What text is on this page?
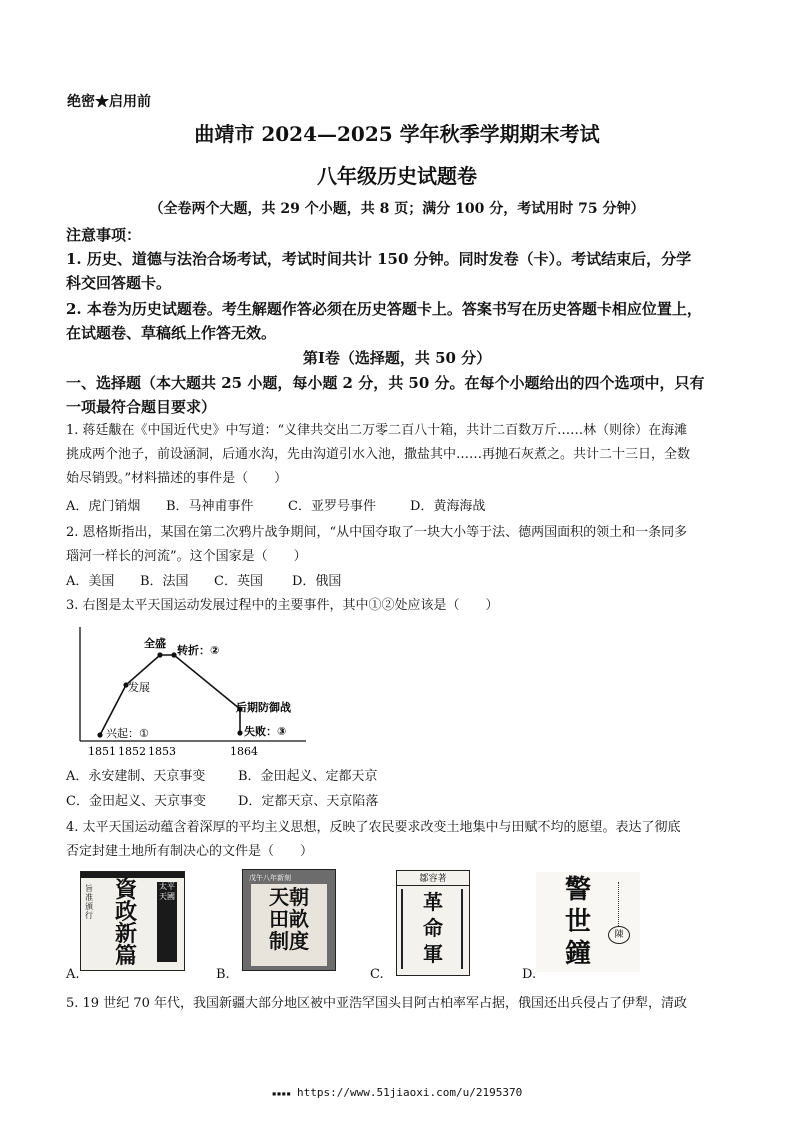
绝密★启用前
曲靖市 2024—2025 学年秋季学期期末考试
八年级历史试题卷
（全卷两个大题，共 29 个小题，共 8 页；满分 100 分，考试用时 75 分钟）
注意事项：
1. 历史、道德与法治合场考试，考试时间共计 150 分钟。同时发卷（卡）。考试结束后，分学
科交回答题卡。
2. 本卷为历史试题卷。考生解题作答必须在历史答题卡上。答案书写在历史答题卡相应位置上，
在试题卷、草稿纸上作答无效。
第Ⅰ卷（选择题，共 50 分）
一、选择题（本大题共 25 小题，每小题 2 分，共 50 分。在每个小题给出的四个选项中，只有
一项最符合题目要求）
1. 蒋廷黻在《中国近代史》中写道：“义律共交出二万零二百八十箱，共计二百数万斤……林（则徐）在海滩
挑成两个池子，前设涵洞，后通水沟，先由沟道引水入池，撒盐其中……再抛石灰煮之。共计二十三日，全数
始尽销毁。”材料描述的事件是（　　）
A．虎门销烟 B．马神甫事件	C．亚罗号事件	D．黄海海战
2. 恩格斯指出，某国在第二次鸦片战争期间，“从中国夺取了一块大小等于法、德两国面积的领土和一条同多
瑙河一样长的河流”。这个国家是（　　）
A．美国 B．法国 C．英国 D．俄国
3. 右图是太平天国运动发展过程中的主要事件，其中①②处应该是（　　）
兴起：①
发展
全盛
转折：②
后期防御战
失败：③
1851 1852 1853	1864
A．永安建制、天京事变	B．金田起义、定都天京
C．金田起义、天京事变 D．定都天京、天京陷落
4. 太平天国运动蕴含着深厚的平均主义思想，反映了农民要求改变土地集中与田赋不均的愿望。表达了彻底
否定封建土地所有制决心的文件是（　　）
旨准頒行
資
政
新
篇
太平天國
A.
戊午八年新刻
天朝
田畝
制度
B.
鄒容著
革
命
軍
C.
警
世
鐘
陳
D.
5. 19 世纪 70 年代，我国新疆大部分地区被中亚浩罕国头目阿古柏率军占据，俄国还出兵侵占了伊犁，清政
▪▪▪▪ https://www.51jiaoxi.com/u/2195370
